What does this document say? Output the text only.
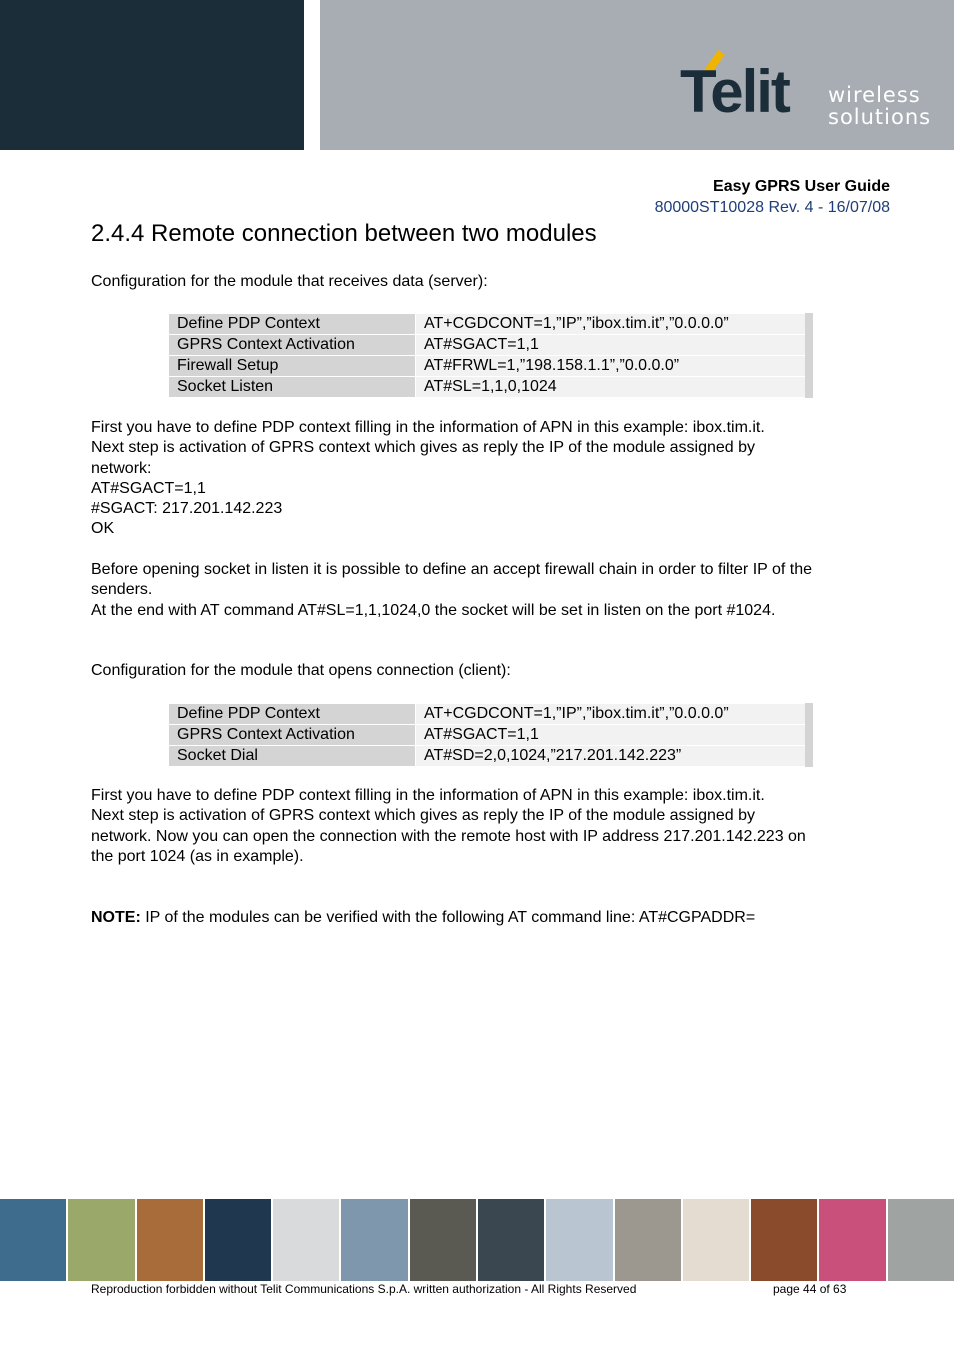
Telit wireless
solutions
Easy GPRS User Guide
80000ST10028 Rev. 4 - 16/07/08
2.4.4 Remote connection between two modules

Configuration for the module that receives data (server):

Define PDP Context	AT+CGDCONT=1,”IP”,”ibox.tim.it”,”0.0.0.0”
GPRS Context Activation	AT#SGACT=1,1
Firewall Setup	AT#FRWL=1,”198.158.1.1”,”0.0.0.0”
Socket Listen	AT#SL=1,1,0,1024
First you have to define PDP context filling in the information of APN in this example: ibox.tim.it.
Next step is activation of GPRS context which gives as reply the IP of the module assigned by
network:
AT#SGACT=1,1
#SGACT: 217.201.142.223
OK
Before opening socket in listen it is possible to define an accept firewall chain in order to filter IP of the
senders.
At the end with AT command AT#SL=1,1,1024,0 the socket will be set in listen on the port #1024.

Configuration for the module that opens connection (client):

Define PDP Context	AT+CGDCONT=1,”IP”,”ibox.tim.it”,”0.0.0.0”
GPRS Context Activation	AT#SGACT=1,1
Socket Dial	AT#SD=2,0,1024,”217.201.142.223”
First you have to define PDP context filling in the information of APN in this example: ibox.tim.it.
Next step is activation of GPRS context which gives as reply the IP of the module assigned by
network. Now you can open the connection with the remote host with IP address 217.201.142.223 on
the port 1024 (as in example).

NOTE: IP of the modules can be verified with the following AT command line: AT#CGPADDR=

Reproduction forbidden without Telit Communications S.p.A. written authorization - All Rights Reserved	page 44 of 63
